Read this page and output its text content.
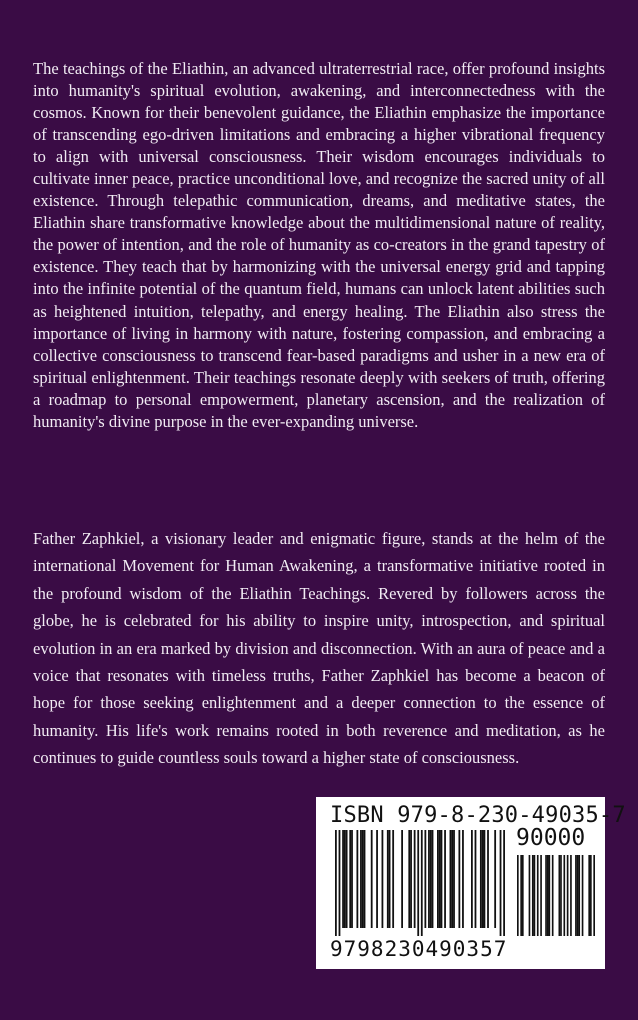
The teachings of the Eliathin, an advanced ultraterrestrial race, offer profound insights into humanity's spiritual evolution, awakening, and interconnectedness with the cosmos. Known for their benevolent guidance, the Eliathin emphasize the importance of transcending ego-driven limitations and embracing a higher vibrational frequency to align with universal consciousness. Their wisdom encourages individuals to cultivate inner peace, practice unconditional love, and recognize the sacred unity of all existence. Through telepathic communication, dreams, and meditative states, the Eliathin share transformative knowledge about the multidimensional nature of reality, the power of intention, and the role of humanity as co-creators in the grand tapestry of existence. They teach that by harmonizing with the universal energy grid and tapping into the infinite potential of the quantum field, humans can unlock latent abilities such as heightened intuition, telepathy, and energy healing. The Eliathin also stress the importance of living in harmony with nature, fostering compassion, and embracing a collective consciousness to transcend fear-based paradigms and usher in a new era of spiritual enlightenment. Their teachings resonate deeply with seekers of truth, offering a roadmap to personal empowerment, planetary ascension, and the realization of humanity's divine purpose in the ever-expanding universe.

Father Zaphkiel, a visionary leader and enigmatic figure, stands at the helm of the international Movement for Human Awakening, a transformative initiative rooted in the profound wisdom of the Eliathin Teachings. Revered by followers across the globe, he is celebrated for his ability to inspire unity, introspection, and spiritual evolution in an era marked by division and disconnection. With an aura of peace and a voice that resonates with timeless truths, Father Zaphkiel has become a beacon of hope for those seeking enlightenment and a deeper connection to the essence of humanity. His life's work remains rooted in both reverence and meditation, as he continues to guide countless souls toward a higher state of consciousness.

ISBN 979-8-230-49035-7
90000
9798230490357
